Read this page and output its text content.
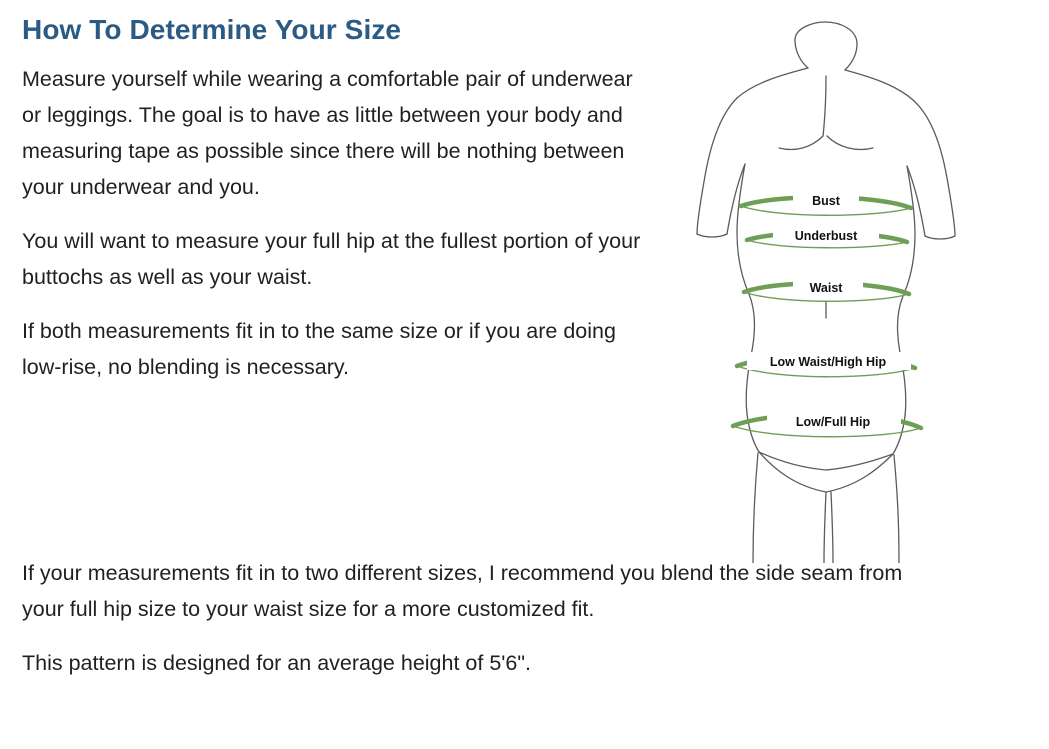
How To Determine Your Size

Measure yourself while wearing a comfortable pair of underwear or leggings. The goal is to have as little between your body and measuring tape as possible since there will be nothing between your underwear and you.

You will want to measure your full hip at the fullest portion of your buttochs as well as your waist.

If both measurements fit in to the same size or if you are doing low-rise, no blending is necessary.

If your measurements fit in to two different sizes, I recommend you blend the side seam from your full hip size to your waist size for a more customized fit.

This pattern is designed for an average height of 5'6".

Bust
Underbust
Waist
Low Waist/High Hip
Low/Full Hip
